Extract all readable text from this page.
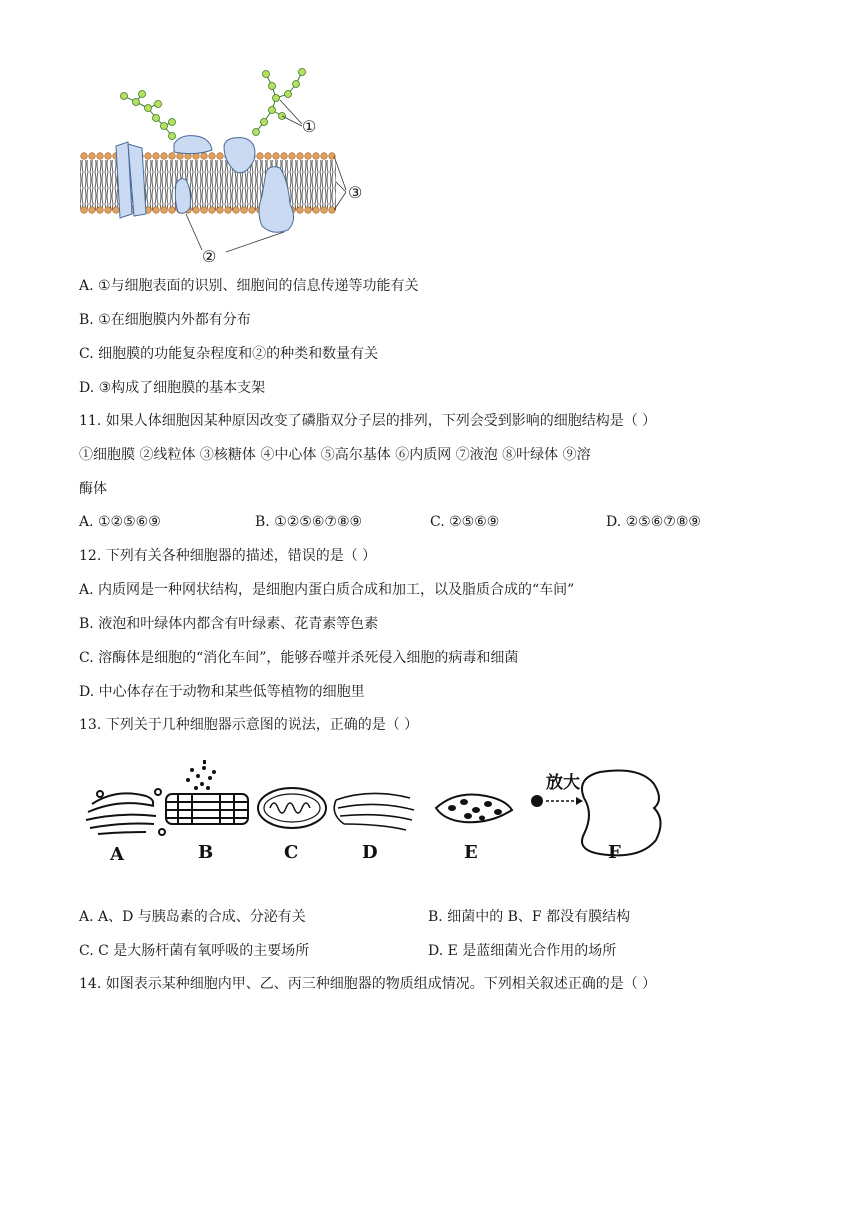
①
③
②
A. ①与细胞表面的识别、细胞间的信息传递等功能有关
B. ①在细胞膜内外都有分布
C. 细胞膜的功能复杂程度和②的种类和数量有关
D. ③构成了细胞膜的基本支架
11. 如果人体细胞因某种原因改变了磷脂双分子层的排列，下列会受到影响的细胞结构是（ ）
①细胞膜 ②线粒体 ③核糖体 ④中心体 ⑤高尔基体 ⑥内质网 ⑦液泡 ⑧叶绿体 ⑨溶
酶体
A. ①②⑤⑥⑨	B. ①②⑤⑥⑦⑧⑨	C. ②⑤⑥⑨	D. ②⑤⑥⑦⑧⑨
12. 下列有关各种细胞器的描述，错误的是（ ）
A. 内质网是一种网状结构，是细胞内蛋白质合成和加工，以及脂质合成的“车间”
B. 液泡和叶绿体内都含有叶绿素、花青素等色素
C. 溶酶体是细胞的“消化车间”，能够吞噬并杀死侵入细胞的病毒和细菌
D. 中心体存在于动物和某些低等植物的细胞里
13. 下列关于几种细胞器示意图的说法，正确的是（ ）
放大
A	B	C	D	E	F
A. A、D 与胰岛素的合成、分泌有关	B. 细菌中的 B、F 都没有膜结构
C. C 是大肠杆菌有氧呼吸的主要场所	D. E 是蓝细菌光合作用的场所
14. 如图表示某种细胞内甲、乙、丙三种细胞器的物质组成情况。下列相关叙述正确的是（ ）
